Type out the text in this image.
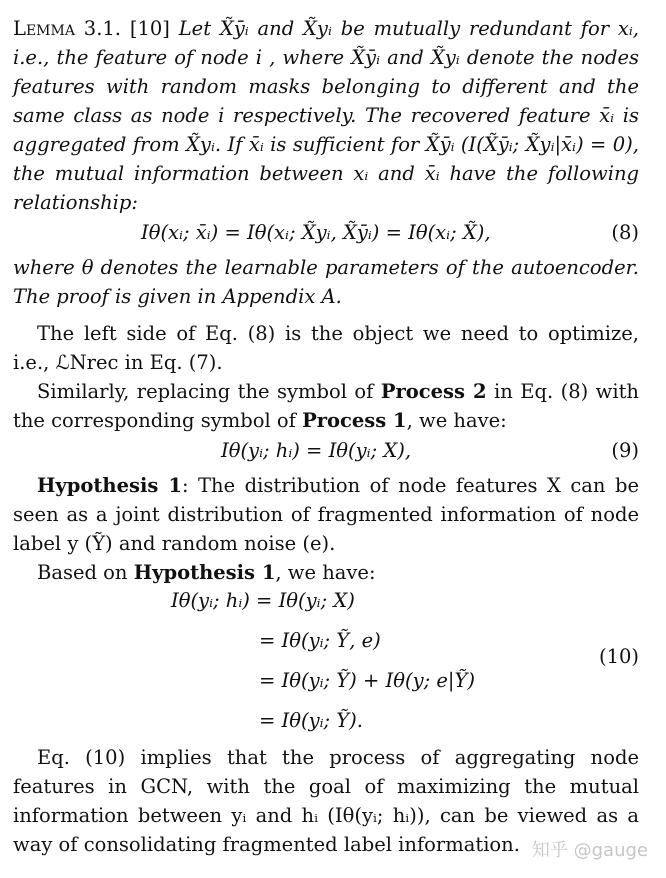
Lemma 3.1. [10] Let X̃ȳᵢ and X̃yᵢ be mutually redundant for xᵢ, i.e., the feature of node i , where X̃ȳᵢ and X̃yᵢ denote the nodes features with random masks belonging to different and the same class as node i respectively. The recovered feature x̄ᵢ is aggregated from X̃yᵢ. If x̄ᵢ is sufficient for X̃ȳᵢ (I(X̃ȳᵢ; X̃yᵢ|x̄ᵢ) = 0), the mutual information between xᵢ and x̄ᵢ have the following relationship:

Iθ(xᵢ; x̄ᵢ) = Iθ(xᵢ; X̃yᵢ, X̃ȳᵢ) = Iθ(xᵢ; X̃),	(8)

where θ denotes the learnable parameters of the autoencoder. The proof is given in Appendix A.

The left side of Eq. (8) is the object we need to optimize, i.e., ℒNrec in Eq. (7).

Similarly, replacing the symbol of Process 2 in Eq. (8) with the corresponding symbol of Process 1, we have:

Iθ(yᵢ; hᵢ) = Iθ(yᵢ; X),	(9)

Hypothesis 1: The distribution of node features X can be seen as a joint distribution of fragmented information of node label y (Ỹ) and random noise (e).

Based on Hypothesis 1, we have:

Iθ(yᵢ; hᵢ) = Iθ(yᵢ; X)
= Iθ(yᵢ; Ỹ, e)
= Iθ(yᵢ; Ỹ) + Iθ(y; e|Ỹ)
= Iθ(yᵢ; Ỹ).
(10)

Eq. (10) implies that the process of aggregating node features in GCN, with the goal of maximizing the mutual information between yᵢ and hᵢ (Iθ(yᵢ; hᵢ)), can be viewed as a way of consolidating fragmented label information. 知乎 @gauge
